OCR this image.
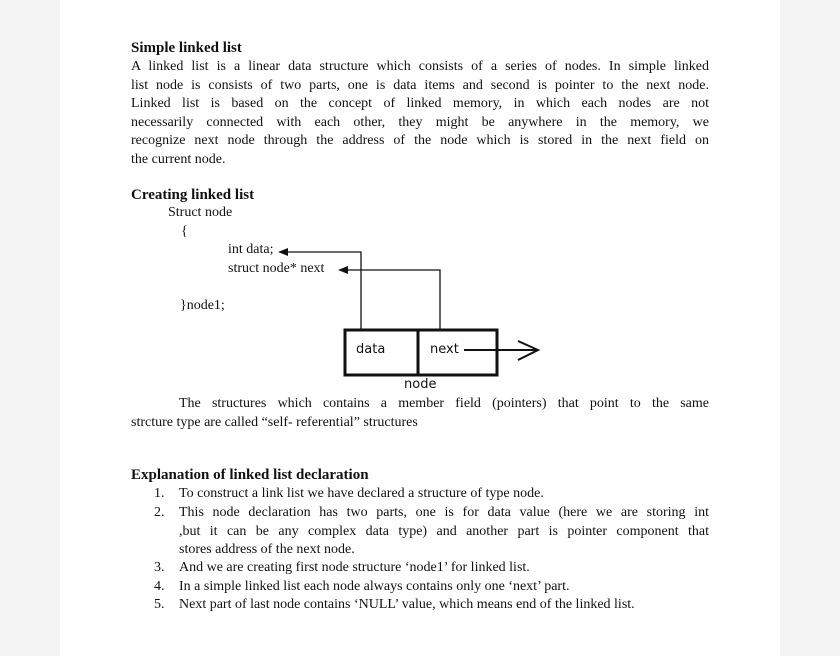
Simple linked list
A linked list is a linear data structure which consists of a series of nodes. In simple linked
list node is consists of two parts, one is data items and second is pointer to the next node.
Linked list is based on the concept of linked memory, in which each nodes are not
necessarily connected with each other, they might be anywhere in the memory, we
recognize next node through the address of the node which is stored in the next field on
the current node.
Creating linked list
Struct node
{
int data;
struct node* next
}node1;
data	next
node
The structures which contains a member field (pointers) that point to the same
strcture type are called “self- referential” structures
Explanation of linked list declaration
1. To construct a link list we have declared a structure of type node.
2. This node declaration has two parts, one is for data value (here we are storing int
,but it can be any complex data type) and another part is pointer component that
stores address of the next node.
3. And we are creating first node structure ‘node1’ for linked list.
4. In a simple linked list each node always contains only one ‘next’ part.
5. Next part of last node contains ‘NULL’ value, which means end of the linked list.
